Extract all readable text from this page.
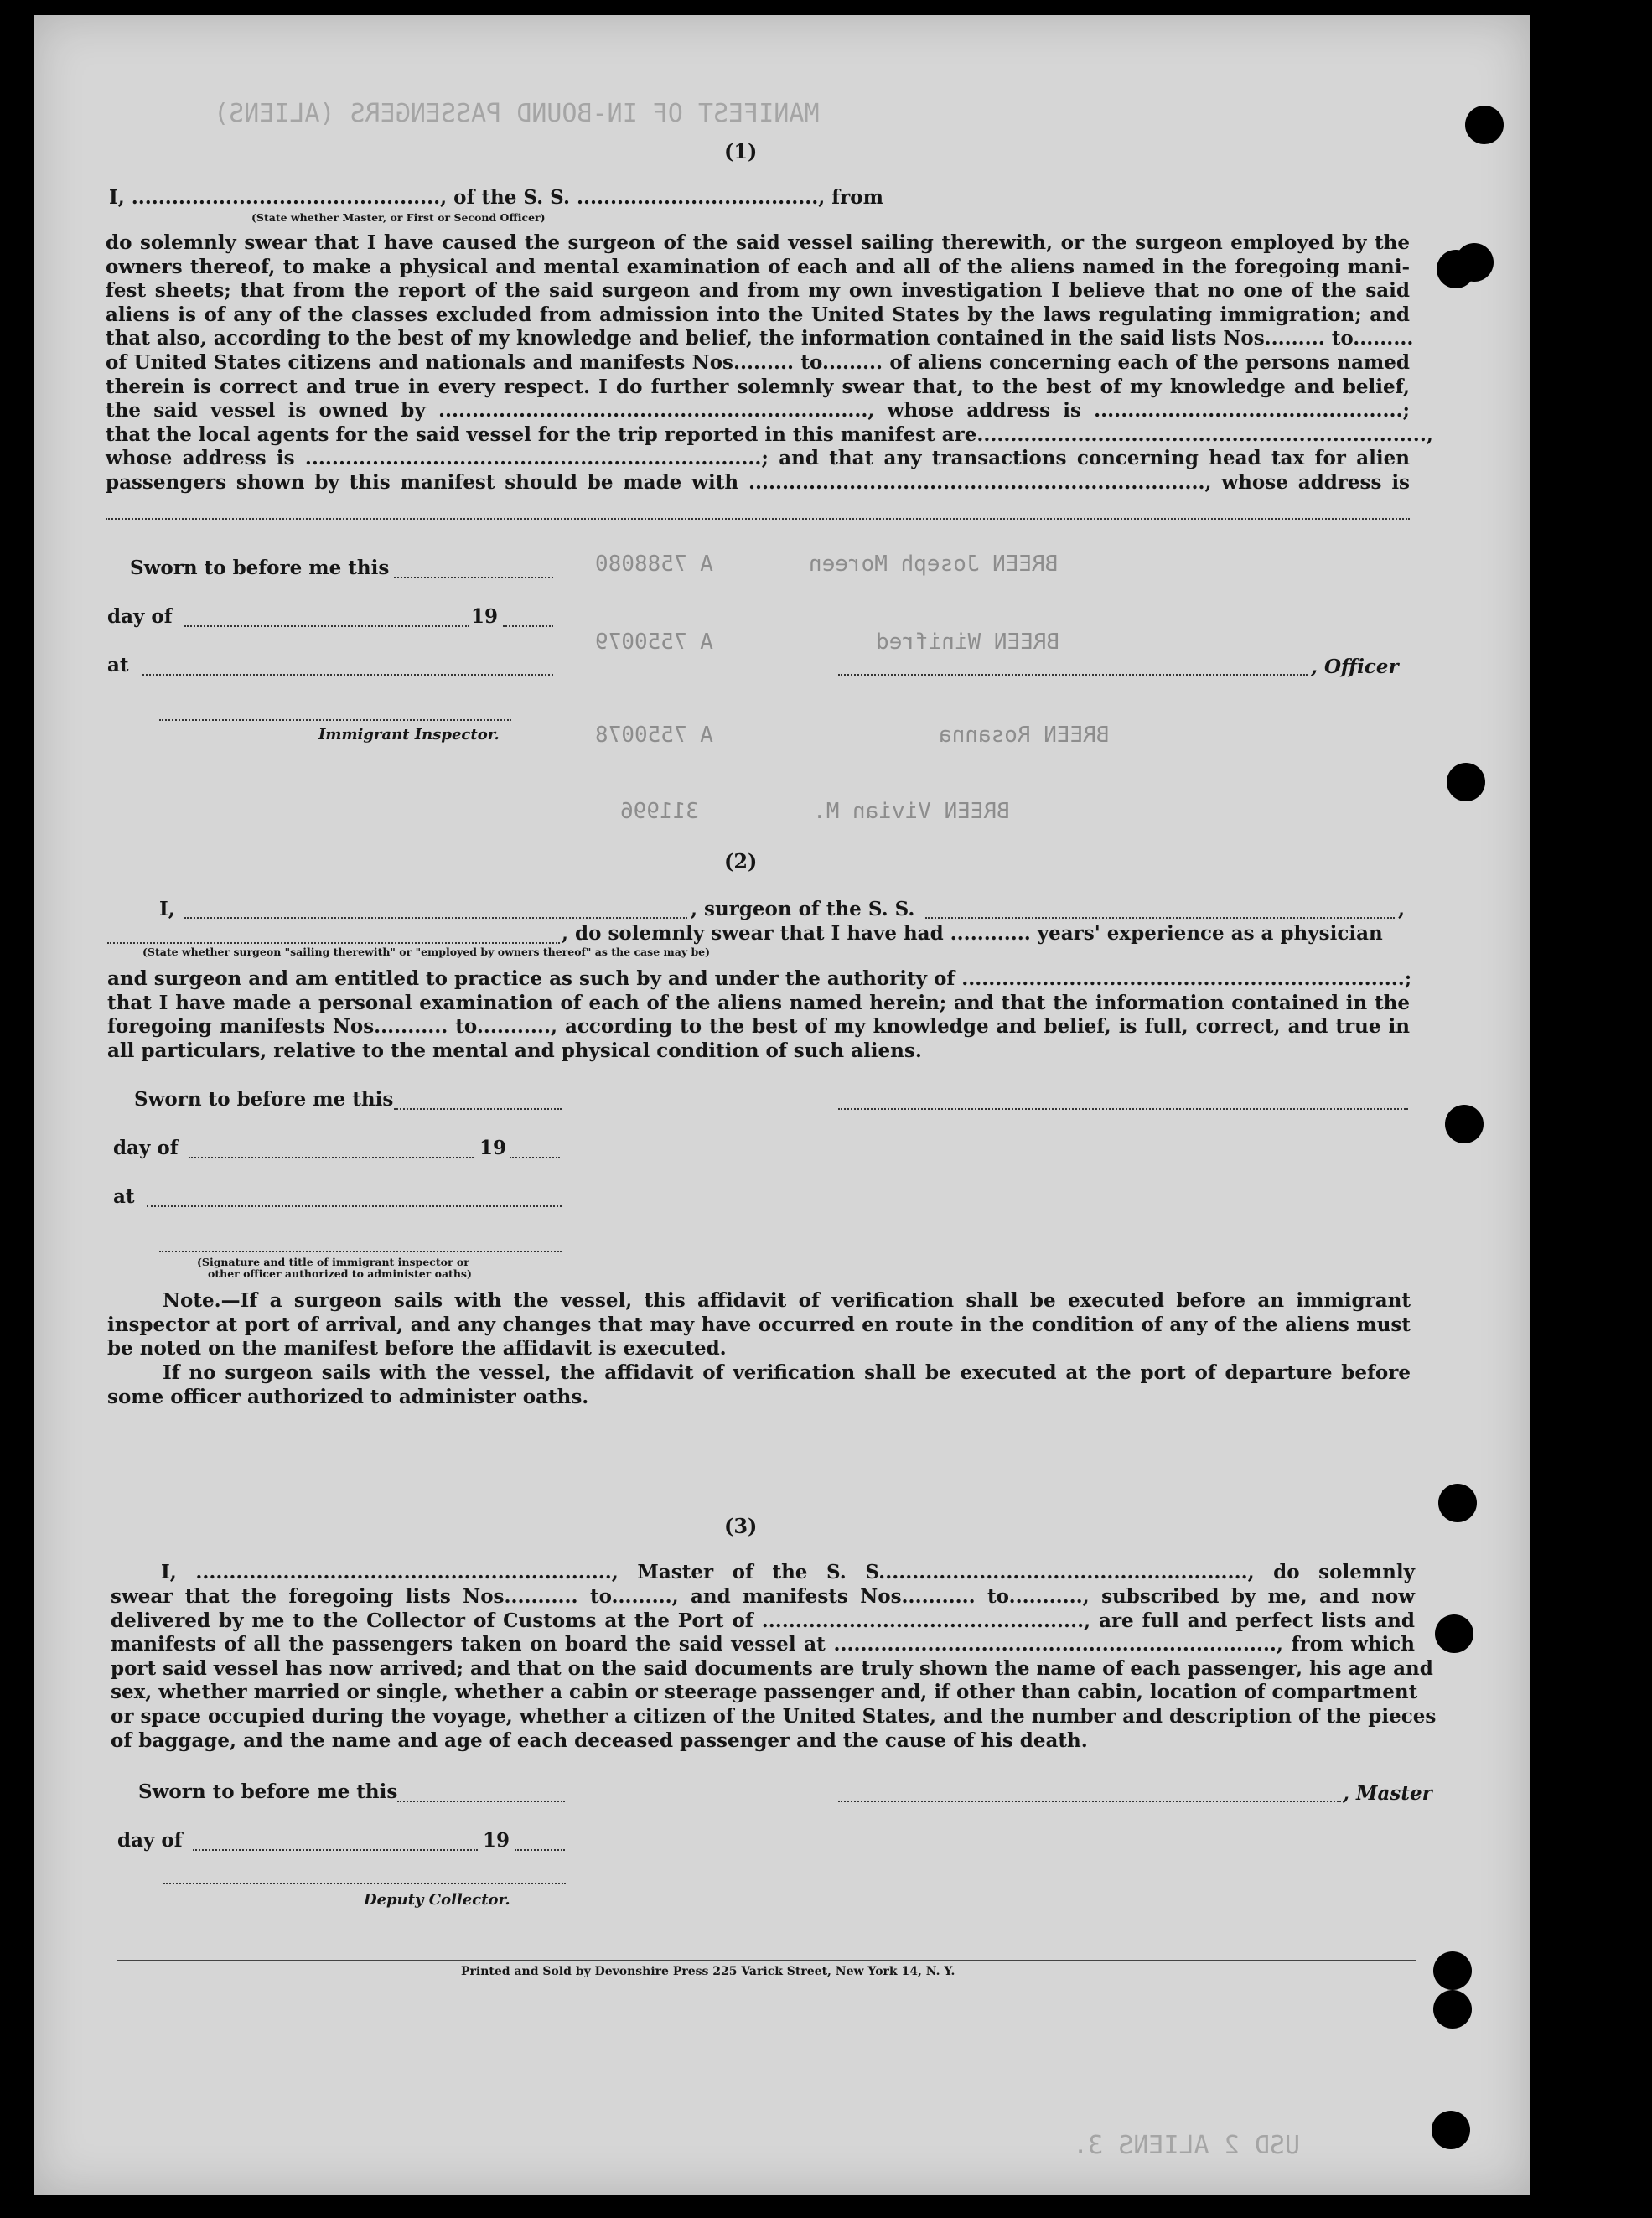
MANIFEST OF IN-BOUND PASSENGERS (ALIENS)
BREEN Joseph Moreen
A 7588080
BREEN Winifred
A 7550079
BREEN Rosanna
A 7550078
BREEN Vivian M.
311996
USD 2 ALIENS 3.
(1)
I, .............................................., of the S. S. ...................................., from
(State whether Master, or First or Second Officer)
do solemnly swear that I have caused the surgeon of the said vessel sailing therewith, or the surgeon employed by the
owners thereof, to make a physical and mental examination of each and all of the aliens named in the foregoing mani-
fest sheets; that from the report of the said surgeon and from my own investigation I believe that no one of the said
aliens is of any of the classes excluded from admission into the United States by the laws regulating immigration; and
that also, according to the best of my knowledge and belief, the information contained in the said lists Nos......... to.........
of United States citizens and nationals and manifests Nos......... to......... of aliens concerning each of the persons named
therein is correct and true in every respect. I do further solemnly swear that, to the best of my knowledge and belief,
the said vessel is owned by ................................................................, whose address is ..............................................;
that the local agents for the said vessel for the trip reported in this manifest are...................................................................,
whose address is ....................................................................; and that any transactions concerning head tax for alien
passengers shown by this manifest should be made with ...................................................................., whose address is
Sworn to before me this
day of	19
at	, Officer
Immigrant Inspector.
(2)
I,	, surgeon of the S. S.	,
, do solemnly swear that I have had ............ years' experience as a physician
(State whether surgeon "sailing therewith" or "employed by owners thereof" as the case may be)
and surgeon and am entitled to practice as such by and under the authority of ..................................................................;
that I have made a personal examination of each of the aliens named herein; and that the information contained in the
foregoing manifests Nos........... to..........., according to the best of my knowledge and belief, is full, correct, and true in
all particulars, relative to the mental and physical condition of such aliens.
Sworn to before me this
day of	19
at
(Signature and title of immigrant inspector or
other officer authorized to administer oaths)
Note.—If a surgeon sails with the vessel, this affidavit of verification shall be executed before an immigrant
inspector at port of arrival, and any changes that may have occurred en route in the condition of any of the aliens must
be noted on the manifest before the affidavit is executed.
If no surgeon sails with the vessel, the affidavit of verification shall be executed at the port of departure before
some officer authorized to administer oaths.
(3)
I, .............................................................., Master of the S. S......................................................., do solemnly
swear that the foregoing lists Nos........... to........., and manifests Nos........... to..........., subscribed by me, and now
delivered by me to the Collector of Customs at the Port of ................................................, are full and perfect lists and
manifests of all the passengers taken on board the said vessel at .................................................................., from which
port said vessel has now arrived; and that on the said documents are truly shown the name of each passenger, his age and
sex, whether married or single, whether a cabin or steerage passenger and, if other than cabin, location of compartment
or space occupied during the voyage, whether a citizen of the United States, and the number and description of the pieces
of baggage, and the name and age of each deceased passenger and the cause of his death.
Sworn to before me this	, Master
day of	19
Deputy Collector.
Printed and Sold by Devonshire Press 225 Varick Street, New York 14, N. Y.
